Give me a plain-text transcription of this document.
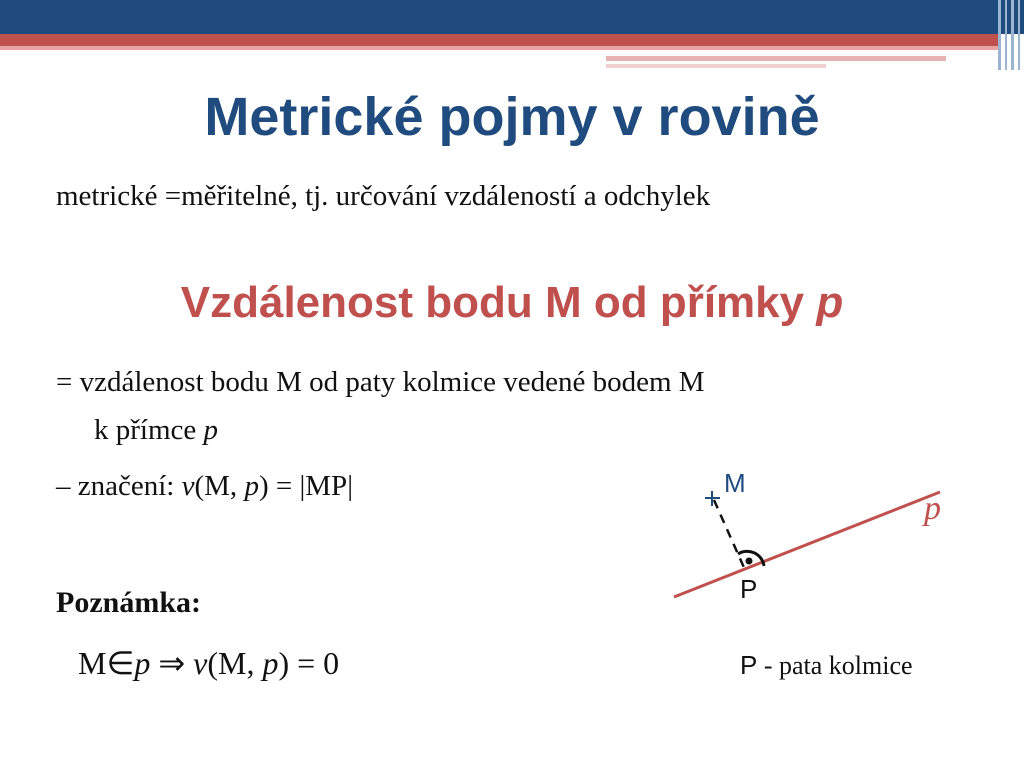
Metrické pojmy v rovině
metrické =měřitelné, tj. určování vzdáleností a odchylek
Vzdálenost bodu M od přímky p
= vzdálenost bodu M od paty kolmice vedené bodem M
k přímce p
– značení: v(M, p) = |MP|
Poznámka:
M∈p ⇒ v(M, p) = 0
M
p
P
P - pata kolmice
